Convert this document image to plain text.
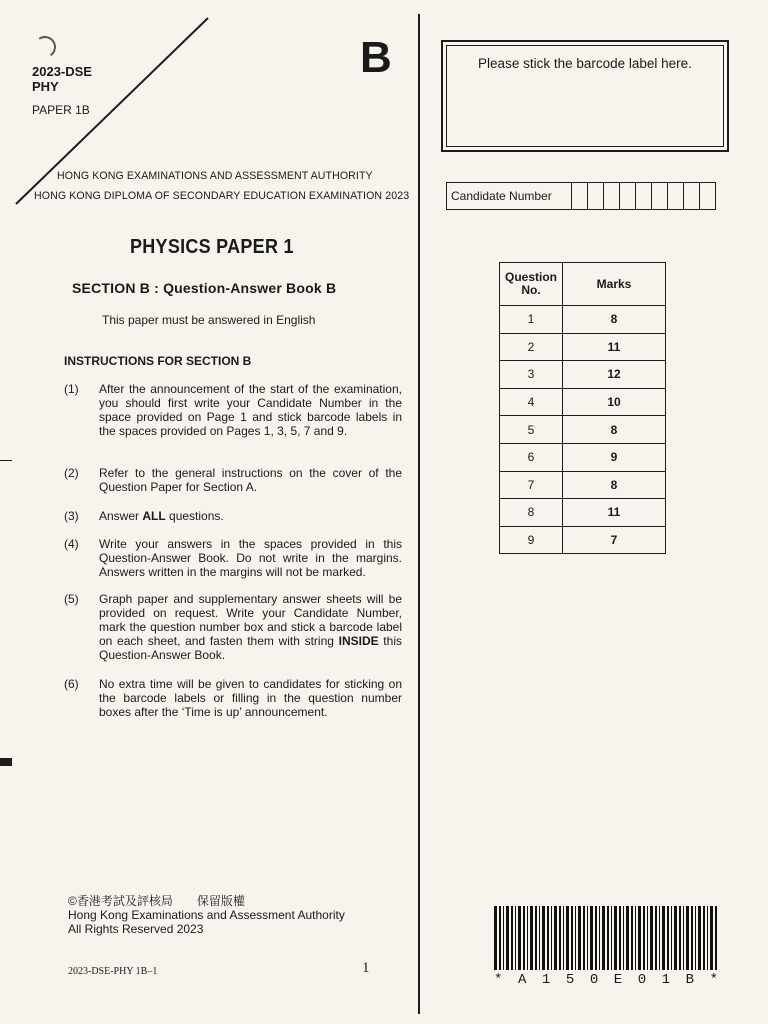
2023-DSE
PHY
PAPER 1B
B
HONG KONG EXAMINATIONS AND ASSESSMENT AUTHORITY
HONG KONG DIPLOMA OF SECONDARY EDUCATION EXAMINATION 2023
PHYSICS PAPER 1
SECTION B : Question-Answer Book B
This paper must be answered in English
INSTRUCTIONS FOR SECTION B
(1)	After the announcement of the start of the examination, you should first write your Candidate Number in the space provided on Page 1 and stick barcode labels in the spaces provided on Pages 1, 3, 5, 7 and 9.
(2)	Refer to the general instructions on the cover of the Question Paper for Section A.
(3)	Answer ALL questions.
(4)	Write your answers in the spaces provided in this Question-Answer Book. Do not write in the margins. Answers written in the margins will not be marked.
(5)	Graph paper and supplementary answer sheets will be provided on request. Write your Candidate Number, mark the question number box and stick a barcode label on each sheet, and fasten them with string INSIDE this Question-Answer Book.
(6)	No extra time will be given to candidates for sticking on the barcode labels or filling in the question number boxes after the ‘Time is up’ announcement.
Please stick the barcode label here.
Candidate Number
Question No.	Marks
1	8
2	11
3	12
4	10
5	8
6	9
7	8
8	11
9	7
©香港考試及評核局　　保留版權
Hong Kong Examinations and Assessment Authority
All Rights Reserved 2023
2023-DSE-PHY 1B–1	1
* A 1 5 0 E 0 1 B *
